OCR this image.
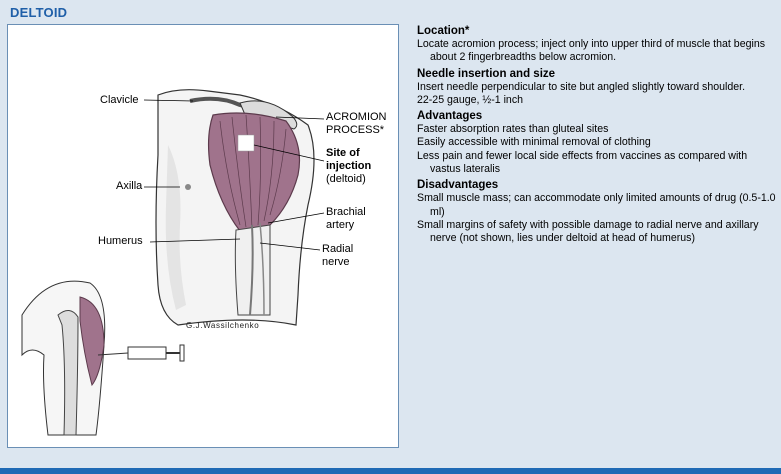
DELTOID
Clavicle
ACROMION
PROCESS*
Site of
injection
(deltoid)
Axilla
Brachial
artery
Humerus
Radial
nerve
G.J.Wassilchenko
Location*

Locate acromion process; inject only into upper third of muscle that begins about 2 fingerbreadths below acromion.

Needle insertion and size

Insert needle perpendicular to site but angled slightly toward shoulder.

22-25 gauge, ½-1 inch

Advantages

Faster absorption rates than gluteal sites

Easily accessible with minimal removal of clothing

Less pain and fewer local side effects from vaccines as compared with vastus lateralis

Disadvantages

Small muscle mass; can accommodate only limited amounts of drug (0.5-1.0 ml)

Small margins of safety with possible damage to radial nerve and axillary nerve (not shown, lies under deltoid at head of humerus)
